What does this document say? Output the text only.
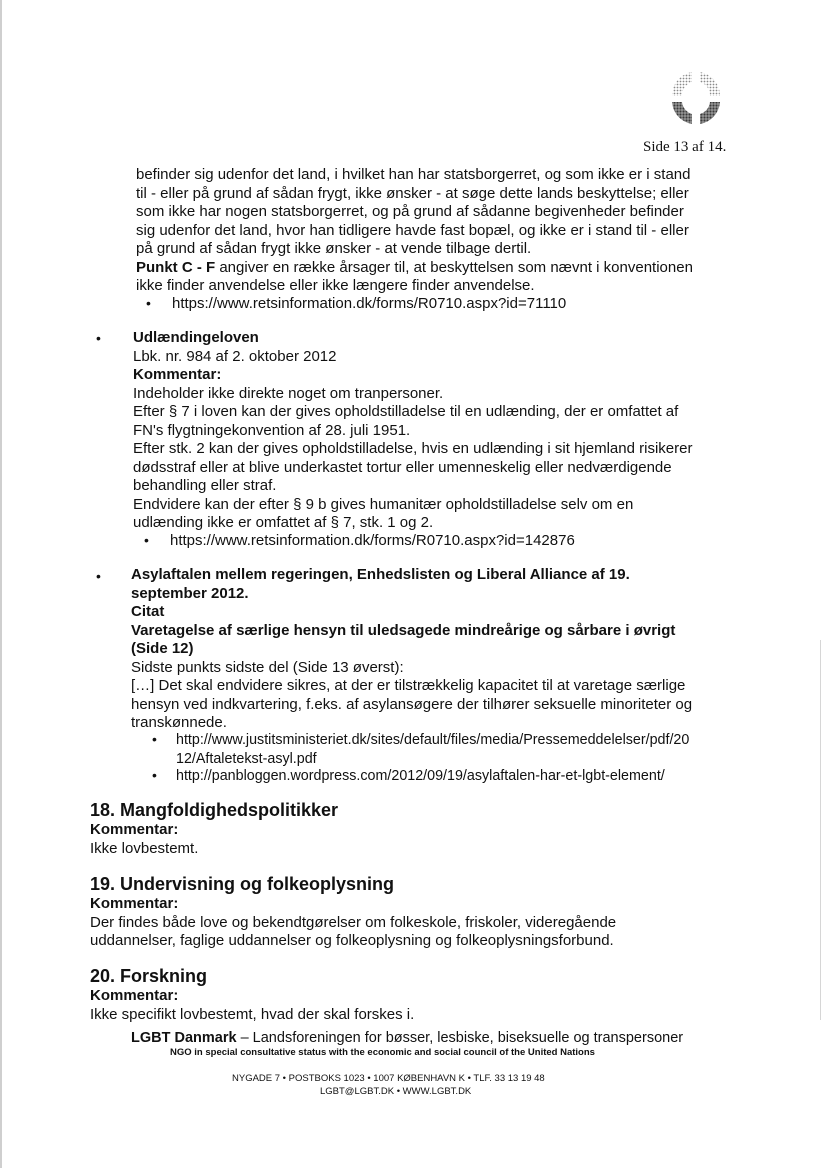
Side 13 af 14.
befinder sig udenfor det land, i hvilket han har statsborgerret, og som ikke er i stand
til - eller på grund af sådan frygt, ikke ønsker - at søge dette lands beskyttelse; eller
som ikke har nogen statsborgerret, og på grund af sådanne begivenheder befinder
sig udenfor det land, hvor han tidligere havde fast bopæl, og ikke er i stand til - eller
på grund af sådan frygt ikke ønsker - at vende tilbage dertil.
Punkt C - F angiver en række årsager til, at beskyttelsen som nævnt i konventionen
ikke finder anvendelse eller ikke længere finder anvendelse.
• https://www.retsinformation.dk/forms/R0710.aspx?id=71110
• Udlændingeloven
Lbk. nr. 984 af 2. oktober 2012
Kommentar:
Indeholder ikke direkte noget om tranpersoner.
Efter § 7 i loven kan der gives opholdstilladelse til en udlænding, der er omfattet af
FN's flygtningekonvention af 28. juli 1951.
Efter stk. 2 kan der gives opholdstilladelse, hvis en udlænding i sit hjemland risikerer
dødsstraf eller at blive underkastet tortur eller umenneskelig eller nedværdigende
behandling eller straf.
Endvidere kan der efter § 9 b gives humanitær opholdstilladelse selv om en
udlænding ikke er omfattet af § 7, stk. 1 og 2.
• https://www.retsinformation.dk/forms/R0710.aspx?id=142876
• Asylaftalen mellem regeringen, Enhedslisten og Liberal Alliance af 19.
september 2012.
Citat
Varetagelse af særlige hensyn til uledsagede mindreårige og sårbare i øvrigt
(Side 12)
Sidste punkts sidste del (Side 13 øverst):
[…] Det skal endvidere sikres, at der er tilstrækkelig kapacitet til at varetage særlige
hensyn ved indkvartering, f.eks. af asylansøgere der tilhører seksuelle minoriteter og
transkønnede.
• http://www.justitsministeriet.dk/sites/default/files/media/Pressemeddelelser/pdf/20
12/Aftaletekst-asyl.pdf
• http://panbloggen.wordpress.com/2012/09/19/asylaftalen-har-et-lgbt-element/
18. Mangfoldighedspolitikker
Kommentar:
Ikke lovbestemt.
19. Undervisning og folkeoplysning
Kommentar:
Der findes både love og bekendtgørelser om folkeskole, friskoler, videregående
uddannelser, faglige uddannelser og folkeoplysning og folkeoplysningsforbund.
20. Forskning
Kommentar:
Ikke specifikt lovbestemt, hvad der skal forskes i.
LGBT Danmark – Landsforeningen for bøsser, lesbiske, biseksuelle og transpersoner
NGO in special consultative status with the economic and social council of the United Nations
NYGADE 7 • POSTBOKS 1023 • 1007 KØBENHAVN K • TLF. 33 13 19 48
LGBT@LGBT.DK • WWW.LGBT.DK
